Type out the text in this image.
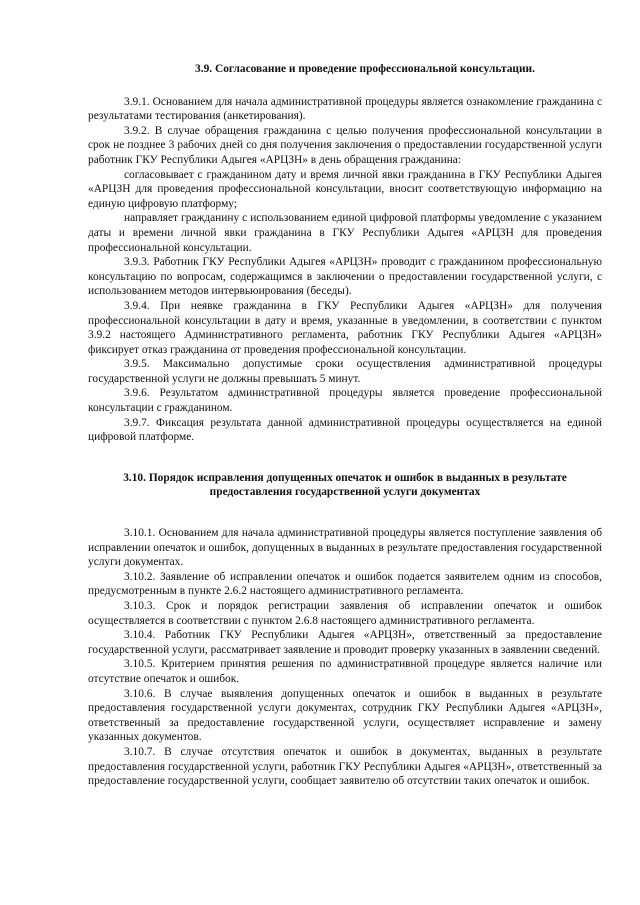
3.9. Согласование и проведение профессиональной консультации.

3.9.1. Основанием для начала административной процедуры является ознакомление гражданина с результатами тестирования (анкетирования).

3.9.2. В случае обращения гражданина с целью получения профессиональной консультации в срок не позднее 3 рабочих дней со дня получения заключения о предоставлении государственной услуги работник ГКУ Республики Адыгея «АРЦЗН» в день обращения гражданина:

согласовывает с гражданином дату и время личной явки гражданина в ГКУ Республики Адыгея «АРЦЗН для проведения профессиональной консультации, вносит соответствующую информацию на единую цифровую платформу;

направляет гражданину с использованием единой цифровой платформы уведомление с указанием даты и времени личной явки гражданина в ГКУ Республики Адыгея «АРЦЗН для проведения профессиональной консультации.

3.9.3. Работник ГКУ Республики Адыгея «АРЦЗН» проводит с гражданином профессиональную консультацию по вопросам, содержащимся в заключении о предоставлении государственной услуги, с использованием методов интервьюирования (беседы).

3.9.4. При неявке гражданина в ГКУ Республики Адыгея «АРЦЗН» для получения профессиональной консультации в дату и время, указанные в уведомлении, в соответствии с пунктом 3.9.2 настоящего Административного регламента, работник ГКУ Республики Адыгея «АРЦЗН» фиксирует отказ гражданина от проведения профессиональной консультации.

3.9.5. Максимально допустимые сроки осуществления административной процедуры государственной услуги не должны превышать 5 минут.

3.9.6. Результатом административной процедуры является проведение профессиональной консультации с гражданином.

3.9.7. Фиксация результата данной административной процедуры осуществляется на единой цифровой платформе.

3.10. Порядок исправления допущенных опечаток и ошибок в выданных в результате предоставления государственной услуги документах

3.10.1. Основанием для начала административной процедуры является поступление заявления об исправлении опечаток и ошибок, допущенных в выданных в результате предоставления государственной услуги документах.

3.10.2. Заявление об исправлении опечаток и ошибок подается заявителем одним из способов, предусмотренным в пункте 2.6.2 настоящего административного регламента.

3.10.3. Срок и порядок регистрации заявления об исправлении опечаток и ошибок осуществляется в соответствии с пунктом 2.6.8 настоящего административного регламента.

3.10.4. Работник ГКУ Республики Адыгея «АРЦЗН», ответственный за предоставление государственной услуги, рассматривает заявление и проводит проверку указанных в заявлении сведений.

3.10.5. Критерием принятия решения по административной процедуре является наличие или отсутствие опечаток и ошибок.

3.10.6. В случае выявления допущенных опечаток и ошибок в выданных в результате предоставления государственной услуги документах, сотрудник ГКУ Республики Адыгея «АРЦЗН», ответственный за предоставление государственной услуги, осуществляет исправление и замену указанных документов.

3.10.7. В случае отсутствия опечаток и ошибок в документах, выданных в результате предоставления государственной услуги, работник ГКУ Республики Адыгея «АРЦЗН», ответственный за предоставление государственной услуги, сообщает заявителю об отсутствии таких опечаток и ошибок.
